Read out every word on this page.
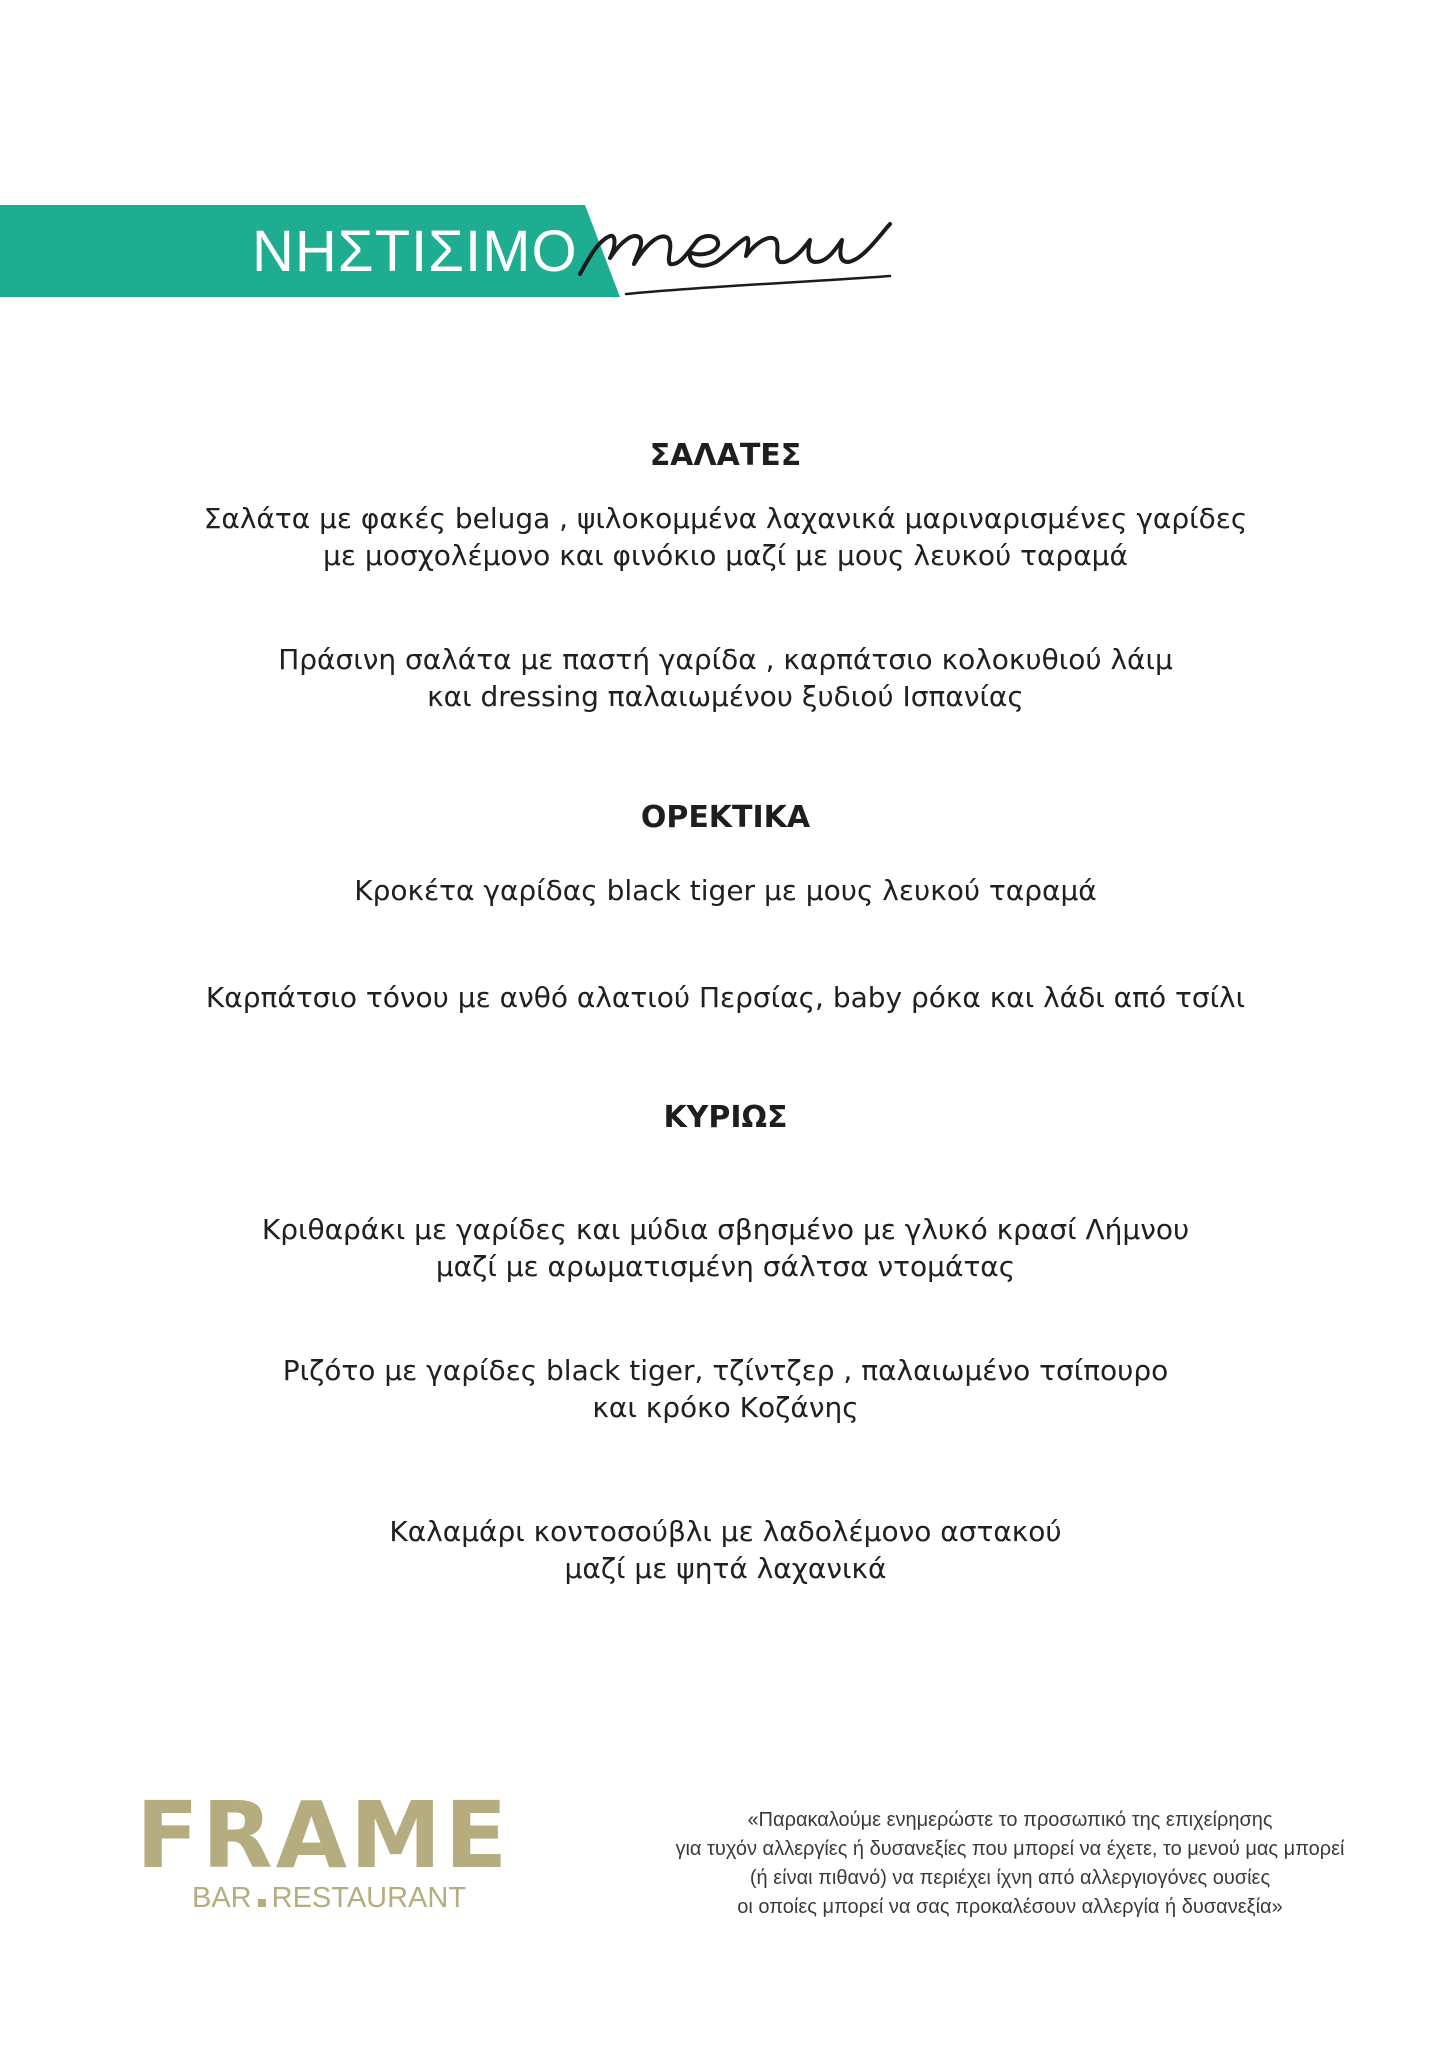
ΝΗΣΤΙΣΙΜΟ
ΣΑΛΑΤΕΣ
Σαλάτα με φακές beluga , ψιλοκομμένα λαχανικά μαριναρισμένες γαρίδες
με μοσχολέμονο και φινόκιο μαζί με μους λευκού ταραμά
Πράσινη σαλάτα με παστή γαρίδα , καρπάτσιο κολοκυθιού λάιμ
και dressing παλαιωμένου ξυδιού Ισπανίας
ΟΡΕΚΤΙΚΑ
Κροκέτα γαρίδας black tiger με μους λευκού ταραμά
Καρπάτσιο τόνου με ανθό αλατιού Περσίας, baby ρόκα και λάδι από τσίλι
ΚΥΡΙΩΣ
Κριθαράκι με γαρίδες και μύδια σβησμένο με γλυκό κρασί Λήμνου
μαζί με αρωματισμένη σάλτσα ντομάτας
Ριζότο με γαρίδες black tiger, τζίντζερ , παλαιωμένο τσίπουρο
και κρόκο Κοζάνης
Καλαμάρι κοντοσούβλι με λαδολέμονο αστακού
μαζί με ψητά λαχανικά
FRAME
BAR RESTAURANT
«Παρακαλούμε ενημερώστε το προσωπικό της επιχείρησης
για τυχόν αλλεργίες ή δυσανεξίες που μπορεί να έχετε, το μενού μας μπορεί
(ή είναι πιθανό) να περιέχει ίχνη από αλλεργιογόνες ουσίες
οι οποίες μπορεί να σας προκαλέσουν αλλεργία ή δυσανεξία»
